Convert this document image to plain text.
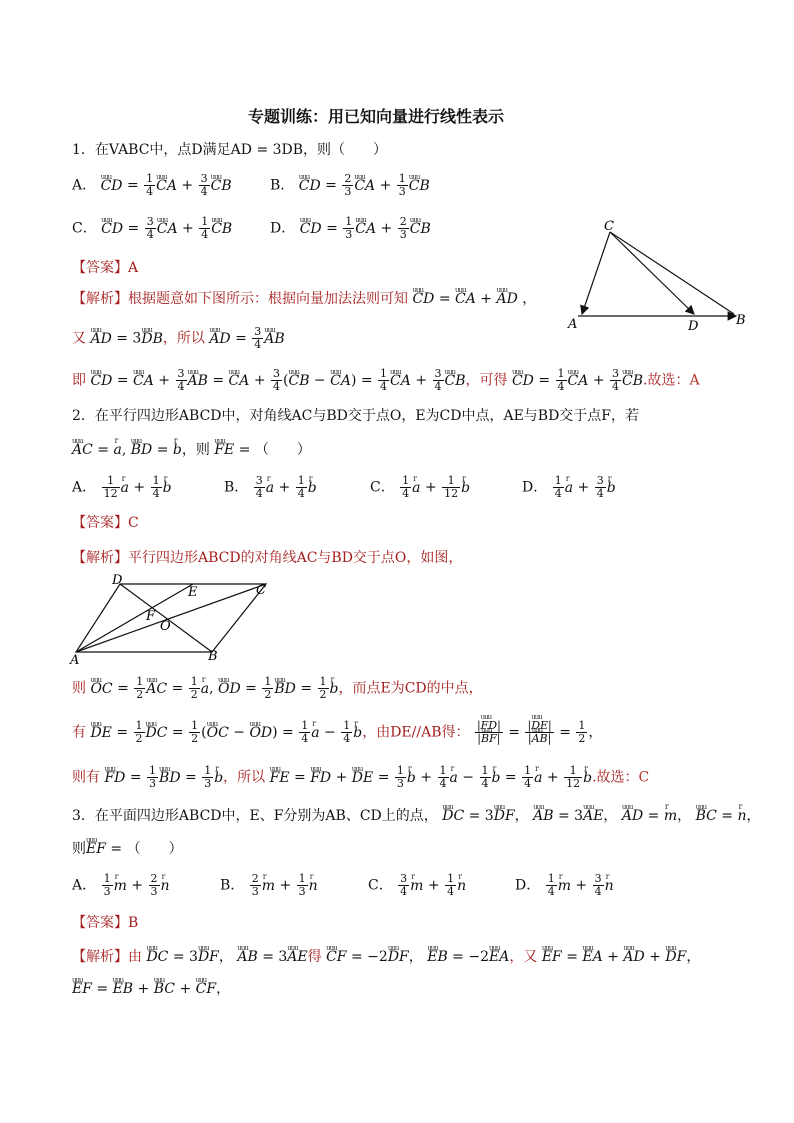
专题训练：用已知向量进行线性表示
1．在VABC中，点D满足AD = 3DB，则（　　）
A． uuu CD = $\frac{1}{4}$ uuu CA + $\frac{3}{4}$ uuu CB	B． uuu CD = $\frac{2}{3}$ uuu CA + $\frac{1}{3}$ uuu CB
C． uuu CD = $\frac{3}{4}$ uuu CA + $\frac{1}{4}$ uuu CB	D． uuu CD = $\frac{1}{3}$ uuu CA + $\frac{2}{3}$ uuu CB	C
A	D	B
【答案】A
【解析】根据题意如下图所示：根据向量加法法则可知 uuu CD = uuu CA + uuu AD ，
又 uuu AD = 3uuu DB，所以 uuu AD = $\frac{3}{4}$ uuu AB
即 uuu CD = uuu CA + $\frac{3}{4}$ uuu AB = uuu CA + $\frac{3}{4} (uuu$ CB − uuu $CA) = \frac{1}{4}$ uuu CA + $\frac{3}{4}$ uuu CB，可得 uuu CD = $\frac{1}{4}$ uuu CA + $\frac{3}{4}$ uuu CB.故选：A
2．在平行四边形ABCD中，对角线AC与BD交于点O，E为CD中点，AE与BD交于点F，若
uuu AC = r a, uuu BD = r b，则 uuu FE = （　　）
A． $\frac{1}{12}$ r $a + \frac{1}{4}$ r b	B． $\frac{3}{4}$ r $a + \frac{1}{4}$ r b	C． $\frac{1}{4}$ r $a + \frac{1}{12}$ r b	D． $\frac{1}{4}$ r $a + \frac{3}{4}$ r b
【答案】C
【解析】平行四边形ABCD的对角线AC与BD交于点O，如图，
D
E	C
F
O
A	B
则 uuu OC = $\frac{1}{2}$ uuu AC = $\frac{1}{2}$ r a, uuu OD = $\frac{1}{2}$ uuu BD = $\frac{1}{2}$ r b，而点E为CD的中点，
有 uuu DE = $\frac{1}{2}$ uuu DC = $\frac{1}{2} (uuu$ OC − uuu $OD) = \frac{1}{4}$ r $a - \frac{1}{4}$ r b，由DE//AB得： $\frac{\text{|uuu FD|}}{\text{|uuu BF|}} = \frac{\text{|uuu DE|}}{\text{|uuu AB|}} = \frac{1}{2}$ ，
则有 uuu FD = $\frac{1}{3}$ uuu BD = $\frac{1}{3}$ r b，所以 uuu FE = uuu FD + uuu DE = $\frac{1}{3}$ r $b + \frac{1}{4}$ r $a - \frac{1}{4}$ r $b = \frac{1}{4}$ r $a + \frac{1}{12}$ r b.故选：C
3．在平面四边形ABCD中，E、F分别为AB、CD上的点， uuu DC = 3uuu DF， uuu AB = 3uuu AE， uuu AD = r m， uuu BC = r n，
则uuu EF = （　　）
A． $\frac{1}{3}$ r $m + \frac{2}{3}$ r n	B． $\frac{2}{3}$ r $m + \frac{1}{3}$ r n	C． $\frac{3}{4}$ r $m + \frac{1}{4}$ r n	D． $\frac{1}{4}$ r $m + \frac{3}{4}$ r n
【答案】B
【解析】由 uuu DC = 3uuu DF， uuu AB = 3uuu AE得 uuu CF = −2uuu DF， uuu EB = −2uuu EA，又 uuu EF = uuu EA + uuu AD + uuu DF，
uuu EF = uuu EB + uuu BC + uuu CF，
